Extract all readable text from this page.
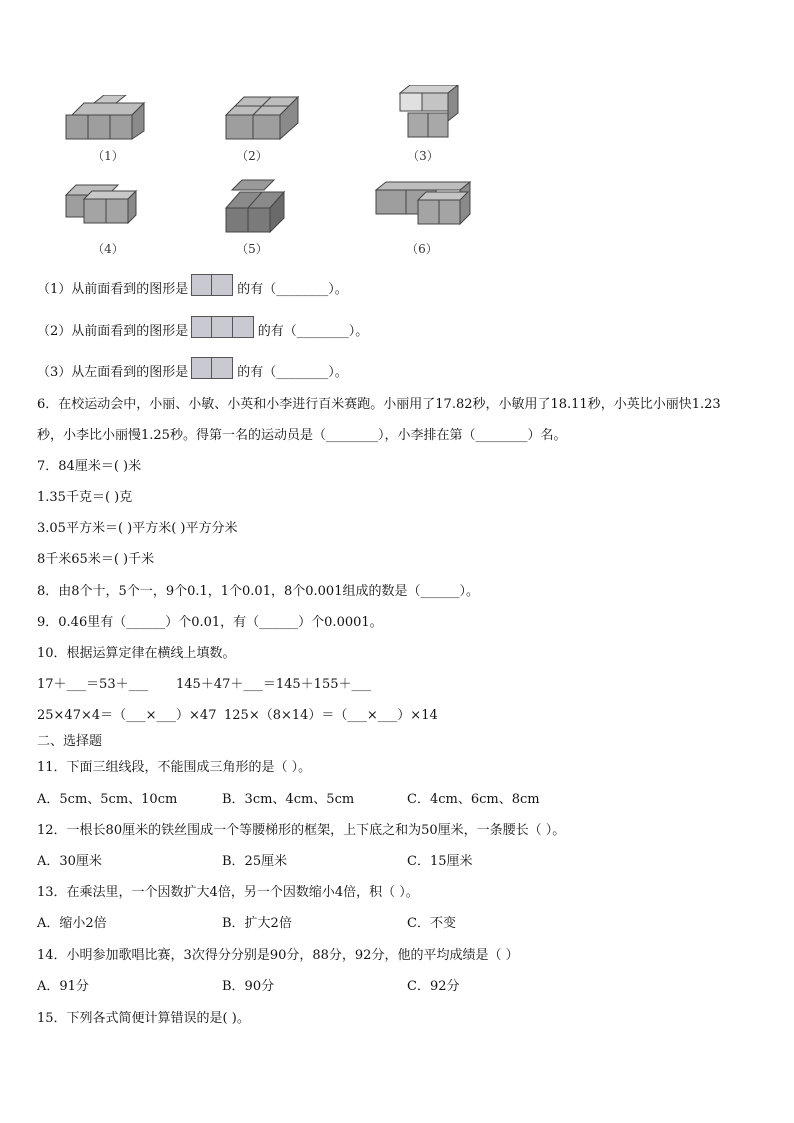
（1）	（2）	（3）
（4）	（5）	（6）
（1）从前面看到的图形是	的有（________）。
（2）从前面看到的图形是	的有（________）。
（3）从左面看到的图形是	的有（________）。
6．在校运动会中，小丽、小敏、小英和小李进行百米赛跑。小丽用了17.82秒，小敏用了18.11秒，小英比小丽快1.23
秒，小李比小丽慢1.25秒。得第一名的运动员是（________），小李排在第（________）名。
7．84厘米＝( )米
1.35千克＝( )克
3.05平方米＝( )平方米( )平方分米
8千米65米＝( )千米
8．由8个十，5个一，9个0.1，1个0.01，8个0.001组成的数是（______）。
9．0.46里有（______）个0.01，有（______）个0.0001。
10．根据运算定律在横线上填数。
17＋___＝53＋___ 145＋47＋___＝145＋155＋___
25×47×4＝（___×___）×47 125×（8×14）＝（___×___）×14
二、选择题
11．下面三组线段，不能围成三角形的是（ ）。
A．5cm、5cm、10cm	B．3cm、4cm、5cm	C．4cm、6cm、8cm
12．一根长80厘米的铁丝围成一个等腰梯形的框架，上下底之和为50厘米，一条腰长（ ）。
A．30厘米	B．25厘米	C．15厘米
13．在乘法里，一个因数扩大4倍，另一个因数缩小4倍，积（ ）。
A．缩小2倍	B．扩大2倍	C．不变
14．小明参加歌唱比赛，3次得分分别是90分，88分，92分，他的平均成绩是（ ）
A．91分	B．90分	C．92分
15．下列各式简便计算错误的是( )。
